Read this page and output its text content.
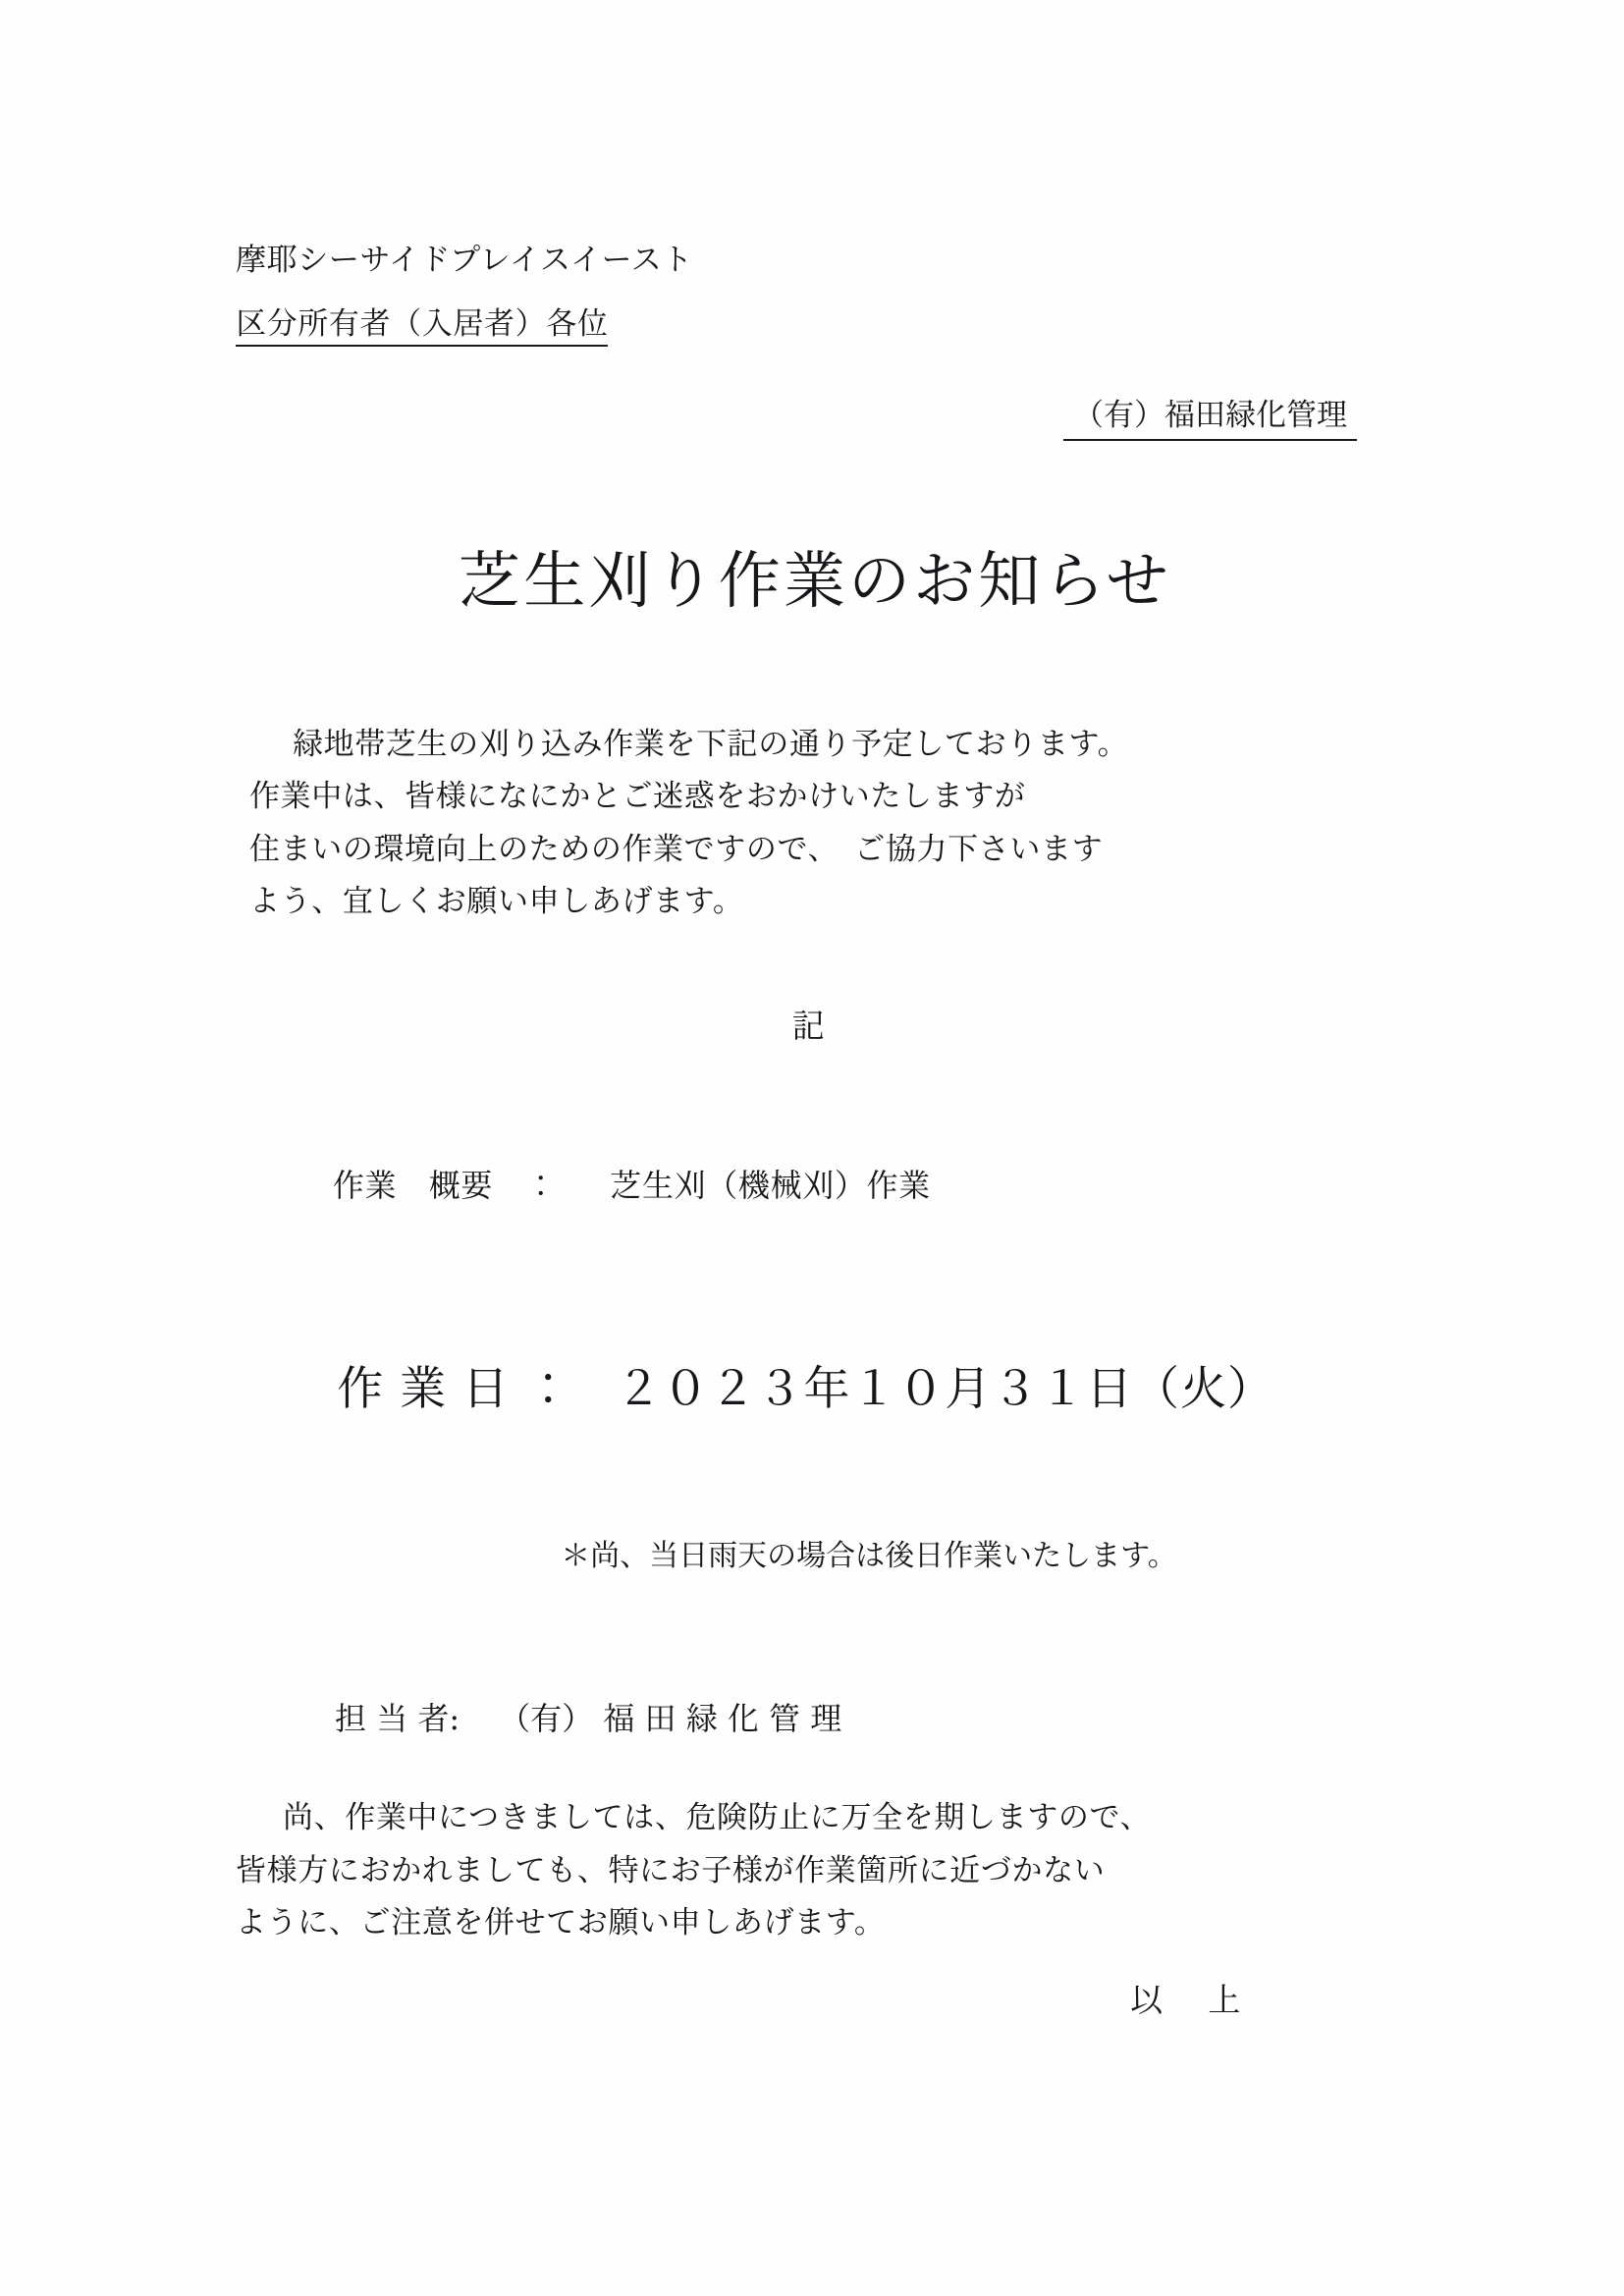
摩耶シーサイドプレイスイースト
区分所有者（入居者）各位
（有）福田緑化管理
芝生刈り作業のお知らせ
緑地帯芝生の刈り込み作業を下記の通り予定しております。
作業中は、皆様になにかとご迷惑をおかけいたしますが
住まいの環境向上のための作業ですので、　ご協力下さいます
よう、宜しくお願い申しあげます。
記

作業　概要　： 芝生刈（機械刈）作業

作 業 日 ： ２０２３年１０月３１日（火）

＊尚、当日雨天の場合は後日作業いたします。

担 当 者: （有） 福 田 緑 化 管 理

尚、作業中につきましては、危険防止に万全を期しますので、
皆様方におかれましても、特にお子様が作業箇所に近づかない
ように、ご注意を併せてお願い申しあげます。
以　上
